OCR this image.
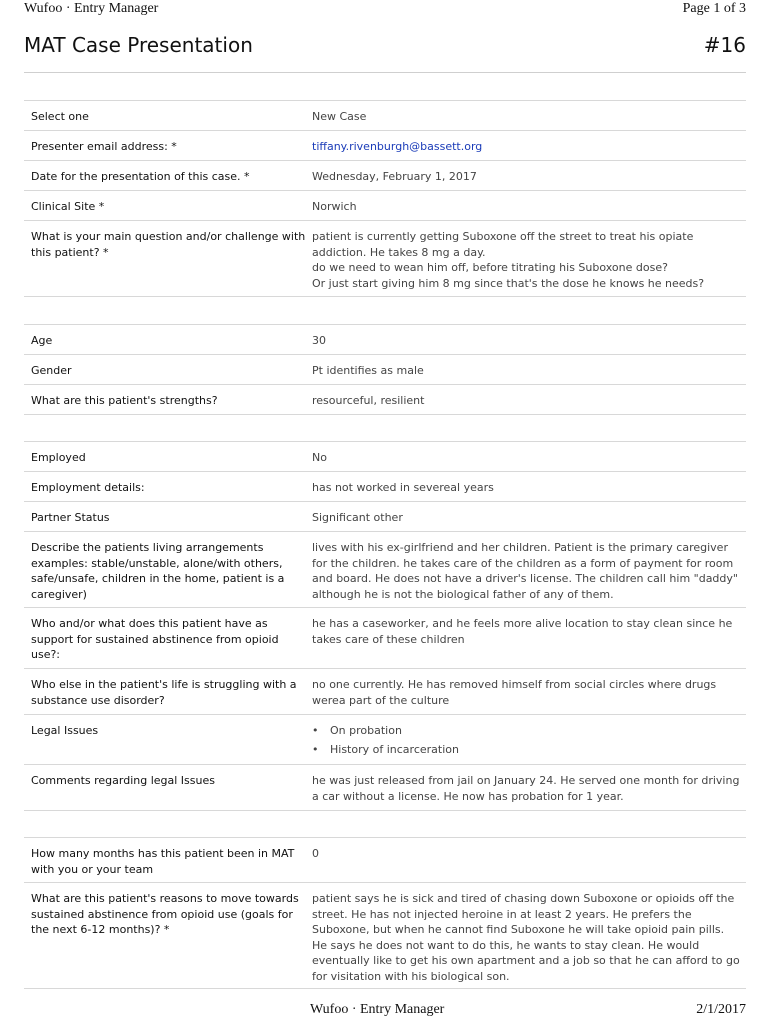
Wufoo · Entry Manager	Page 1 of 3
MAT Case Presentation	#16
Select one	New Case
Presenter email address: *	tiffany.rivenburgh@bassett.org
Date for the presentation of this case. *	Wednesday, February 1, 2017
Clinical Site *	Norwich
What is your main question and/or challenge with this patient? *
patient is currently getting Suboxone off the street to treat his opiate addiction. He takes 8 mg a day.
do we need to wean him off, before titrating his Suboxone dose?
Or just start giving him 8 mg since that's the dose he knows he needs?
Age	30
Gender	Pt identifies as male
What are this patient's strengths?	resourceful, resilient
Employed	No
Employment details:	has not worked in severeal years
Partner Status	Significant other
Describe the patients living arrangements examples: stable/unstable, alone/with others, safe/unsafe, children in the home, patient is a caregiver)
lives with his ex-girlfriend and her children. Patient is the primary caregiver for the children. he takes care of the children as a form of payment for room and board. He does not have a driver's license. The children call him "daddy" although he is not the biological father of any of them.
Who and/or what does this patient have as support for sustained abstinence from opioid use?:
he has a caseworker, and he feels more alive location to stay clean since he takes care of these children
Who else in the patient's life is struggling with a substance use disorder?
no one currently. He has removed himself from social circles where drugs werea part of the culture
Legal Issues
•	On probation
• History of incarceration
Comments regarding legal Issues	he was just released from jail on January 24. He served one month for driving a car without a license. He now has probation for 1 year.
How many months has this patient been in MAT with you or your team
0
What are this patient's reasons to move towards sustained abstinence from opioid use (goals for the next 6-12 months)? *
patient says he is sick and tired of chasing down Suboxone or opioids off the street. He has not injected heroine in at least 2 years. He prefers the Suboxone, but when he cannot find Suboxone he will take opioid pain pills. He says he does not want to do this, he wants to stay clean. He would eventually like to get his own apartment and a job so that he can afford to go for visitation with his biological son.
Wufoo · Entry Manager	2/1/2017
